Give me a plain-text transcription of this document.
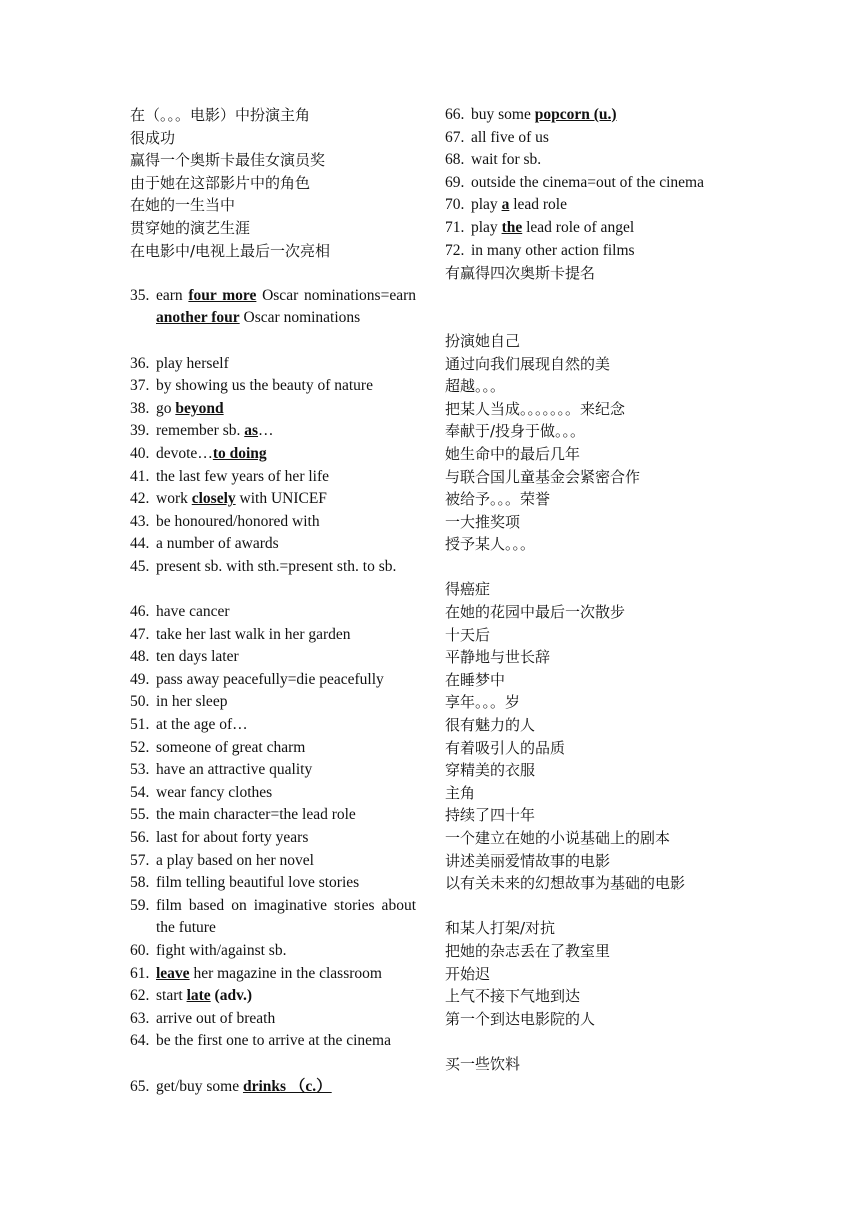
在（。。。电影）中扮演主角
很成功
赢得一个奥斯卡最佳女演员奖
由于她在这部影片中的角色
在她的一生当中
贯穿她的演艺生涯
在电影中/电视上最后一次亮相
35. earn four more Oscar nominations=earn another four Oscar nominations
36. play herself
37. by showing us the beauty of nature
38. go beyond
39. remember sb. as…
40. devote…to doing
41. the last few years of her life
42. work closely with UNICEF
43. be honoured/honored with
44. a number of awards
45. present sb. with sth.=present sth. to sb.
46. have cancer
47. take her last walk in her garden
48. ten days later
49. pass away peacefully=die peacefully
50. in her sleep
51. at the age of…
52. someone of great charm
53. have an attractive quality
54. wear fancy clothes
55. the main character=the lead role
56. last for about forty years
57. a play based on her novel
58. film telling beautiful love stories
59. film based on imaginative stories about the future
60. fight with/against sb.
61. leave her magazine in the classroom
62. start late (adv.)
63. arrive out of breath
64. be the first one to arrive at the cinema
65. get/buy some drinks （c.）
66. buy some popcorn (u.)
67. all five of us
68. wait for sb.
69. outside the cinema=out of the cinema
70. play a lead role
71. play the lead role of angel
72. in many other action films
有赢得四次奥斯卡提名
扮演她自己
通过向我们展现自然的美
超越。。。
把某人当成。。。。。。。来纪念
奉献于/投身于做。。。
她生命中的最后几年
与联合国儿童基金会紧密合作
被给予。。。荣誉
一大推奖项
授予某人。。。
得癌症
在她的花园中最后一次散步
十天后
平静地与世长辞
在睡梦中
享年。。。岁
很有魅力的人
有着吸引人的品质
穿精美的衣服
主角
持续了四十年
一个建立在她的小说基础上的剧本
讲述美丽爱情故事的电影
以有关未来的幻想故事为基础的电影
和某人打架/对抗
把她的杂志丢在了教室里
开始迟
上气不接下气地到达
第一个到达电影院的人
买一些饮料
